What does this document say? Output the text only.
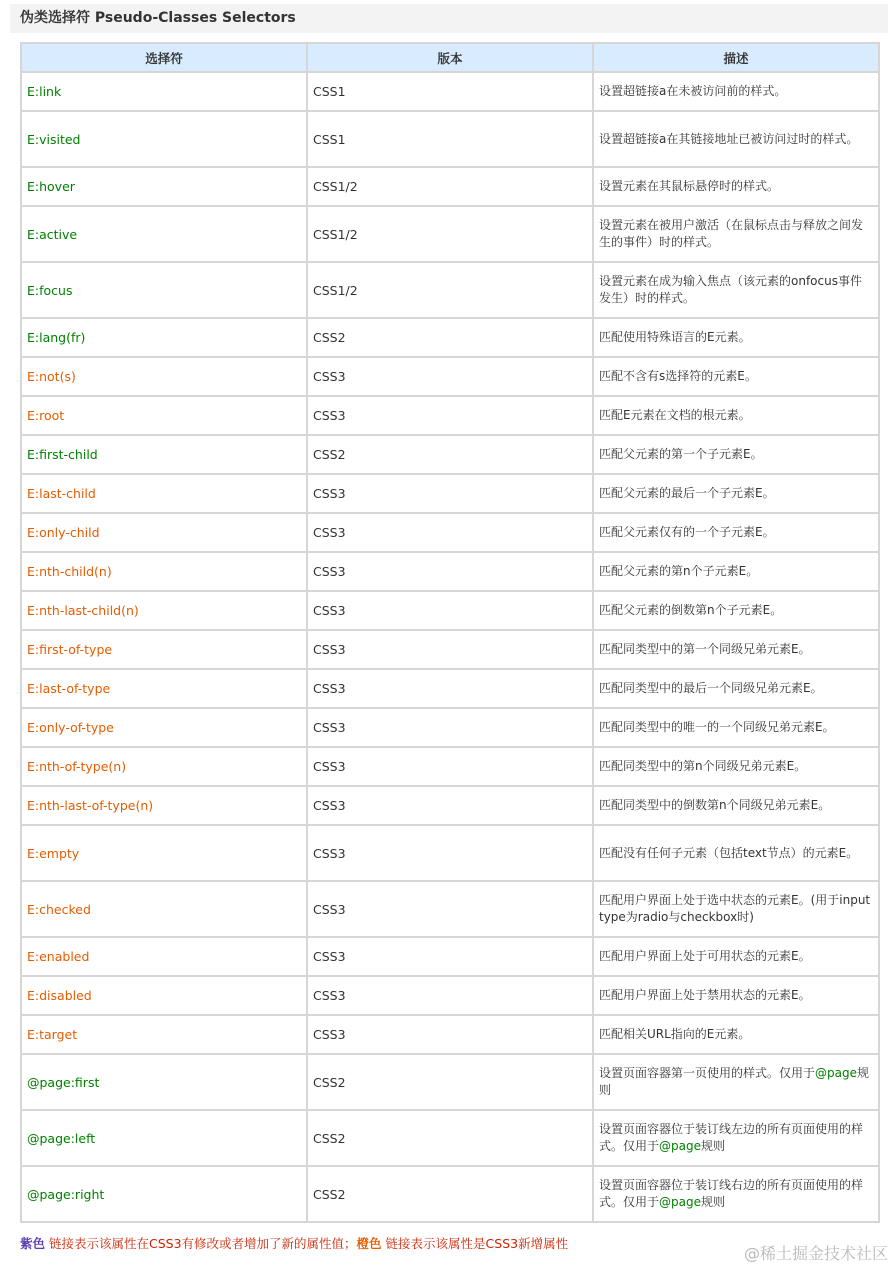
伪类选择符 Pseudo-Classes Selectors
选择符	版本	描述
E:link	CSS1	设置超链接a在未被访问前的样式。
E:visited	CSS1	设置超链接a在其链接地址已被访问过时的样式。
E:hover	CSS1/2	设置元素在其鼠标悬停时的样式。
E:active	CSS1/2	设置元素在被用户激活（在鼠标点击与释放之间发生的事件）时的样式。
E:focus	CSS1/2	设置元素在成为输入焦点（该元素的onfocus事件发生）时的样式。
E:lang(fr)	CSS2	匹配使用特殊语言的E元素。
E:not(s)	CSS3	匹配不含有s选择符的元素E。
E:root	CSS3	匹配E元素在文档的根元素。
E:first-child	CSS2	匹配父元素的第一个子元素E。
E:last-child	CSS3	匹配父元素的最后一个子元素E。
E:only-child	CSS3	匹配父元素仅有的一个子元素E。
E:nth-child(n)	CSS3	匹配父元素的第n个子元素E。
E:nth-last-child(n)	CSS3	匹配父元素的倒数第n个子元素E。
E:first-of-type	CSS3	匹配同类型中的第一个同级兄弟元素E。
E:last-of-type	CSS3	匹配同类型中的最后一个同级兄弟元素E。
E:only-of-type	CSS3	匹配同类型中的唯一的一个同级兄弟元素E。
E:nth-of-type(n)	CSS3	匹配同类型中的第n个同级兄弟元素E。
E:nth-last-of-type(n)	CSS3	匹配同类型中的倒数第n个同级兄弟元素E。
E:empty	CSS3	匹配没有任何子元素（包括text节点）的元素E。
E:checked	CSS3	匹配用户界面上处于选中状态的元素E。(用于input type为radio与checkbox时)
E:enabled	CSS3	匹配用户界面上处于可用状态的元素E。
E:disabled	CSS3	匹配用户界面上处于禁用状态的元素E。
E:target	CSS3	匹配相关URL指向的E元素。
@page:first	CSS2	设置页面容器第一页使用的样式。仅用于@page规则
@page:left	CSS2	设置页面容器位于装订线左边的所有页面使用的样式。仅用于@page规则
@page:right	CSS2	设置页面容器位于装订线右边的所有页面使用的样式。仅用于@page规则
紫色 链接表示该属性在CSS3有修改或者增加了新的属性值；橙色 链接表示该属性是CSS3新增属性
@稀土掘金技术社区
